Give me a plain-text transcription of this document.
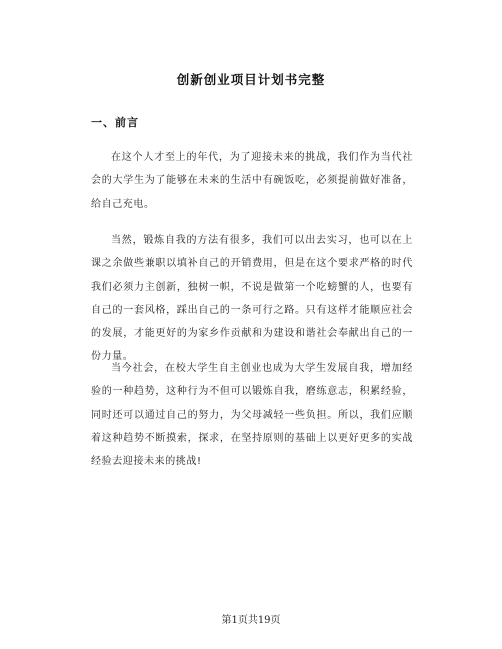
创新创业项目计划书完整
一、前言

在这个人才至上的年代，为了迎接未来的挑战，我们作为当代社会的大学生为了能够在未来的生活中有碗饭吃，必须提前做好准备，给自己充电。

当然，锻炼自我的方法有很多，我们可以出去实习，也可以在上课之余做些兼职以填补自己的开销费用，但是在这个要求严格的时代我们必须力主创新，独树一帜，不说是做第一个吃螃蟹的人，也要有自己的一套风格，踩出自己的一条可行之路。只有这样才能顺应社会的发展，才能更好的为家乡作贡献和为建设和谐社会奉献出自己的一份力量。

当今社会，在校大学生自主创业也成为大学生发展自我，增加经验的一种趋势，这种行为不但可以锻炼自我，磨练意志，积累经验，同时还可以通过自己的努力，为父母减轻一些负担。所以，我们应顺着这种趋势不断摸索，探求，在坚持原则的基础上以更好更多的实战经验去迎接未来的挑战!

第1页共19页
